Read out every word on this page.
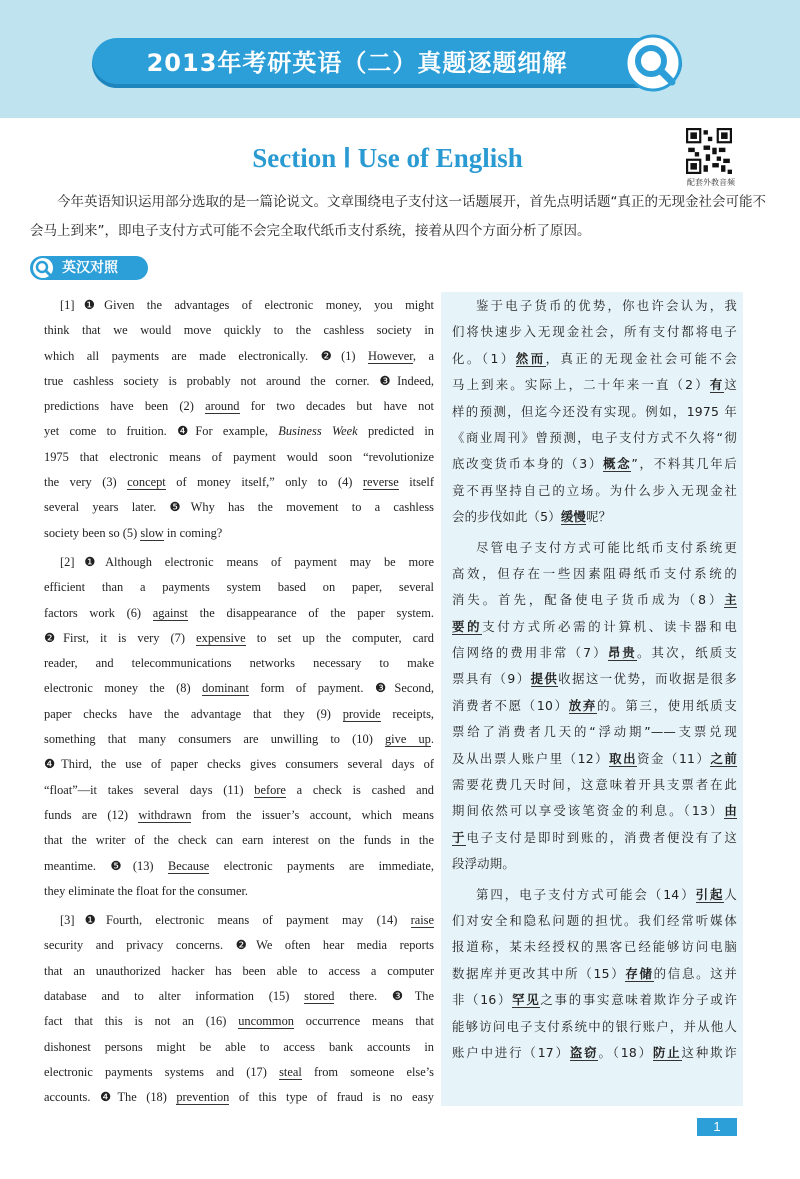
2013年考研英语（二）真题逐题细解
Section Ⅰ Use of English
配套外教音频
今年英语知识运用部分选取的是一篇论说文。文章围绕电子支付这一话题展开，首先点明话题“真正的无现金社会可能不会马上到来”，即电子支付方式可能不会完全取代纸币支付系统，接着从四个方面分析了原因。
英汉对照
[1]❶Given the advantages of electronic money, you might
think that we would move quickly to the cashless society in
which all payments are made electronically. ❷(1) However, a
true cashless society is probably not around the corner. ❸Indeed,
predictions have been (2) around for two decades but have not
yet come to fruition. ❹For example, Business Week predicted in
1975 that electronic means of payment would soon “revolutionize
the very (3) concept of money itself,” only to (4) reverse itself
several years later. ❺Why has the movement to a cashless
society been so (5) slow in coming?
[2]❶Although electronic means of payment may be more
efficient than a payments system based on paper, several
factors work (6) against the disappearance of the paper system.
❷First, it is very (7) expensive to set up the computer, card
reader, and telecommunications networks necessary to make
electronic money the (8) dominant form of payment. ❸Second,
paper checks have the advantage that they (9) provide receipts,
something that many consumers are unwilling to (10) give up.
❹Third, the use of paper checks gives consumers several days of
“float”—it takes several days (11) before a check is cashed and
funds are (12) withdrawn from the issuer’s account, which means
that the writer of the check can earn interest on the funds in the
meantime. ❺(13) Because electronic payments are immediate,
they eliminate the float for the consumer.
[3]❶Fourth, electronic means of payment may (14) raise
security and privacy concerns. ❷We often hear media reports
that an unauthorized hacker has been able to access a computer
database and to alter information (15) stored there. ❸The
fact that this is not an (16) uncommon occurrence means that
dishonest persons might be able to access bank accounts in
electronic payments systems and (17) steal from someone else’s
accounts. ❹The (18) prevention of this type of fraud is no easy
鉴于电子货币的优势，你也许会认为，我
们将快速步入无现金社会，所有支付都将电子
化。（1）然而，真正的无现金社会可能不会
马上到来。实际上，二十年来一直（2）有这
样的预测，但迄今还没有实现。例如，1975 年
《商业周刊》曾预测，电子支付方式不久将“彻
底改变货币本身的（3）概念”，不料其几年后
竟不再坚持自己的立场。为什么步入无现金社
会的步伐如此（5）缓慢呢？
尽管电子支付方式可能比纸币支付系统更
高效，但存在一些因素阻碍纸币支付系统的
消失。首先，配备使电子货币成为（8）主
要的支付方式所必需的计算机、读卡器和电
信网络的费用非常（7）昂贵。其次，纸质支
票具有（9）提供收据这一优势，而收据是很多
消费者不愿（10）放弃的。第三，使用纸质支
票给了消费者几天的“浮动期”——支票兑现
及从出票人账户里（12）取出资金（11）之前
需要花费几天时间，这意味着开具支票者在此
期间依然可以享受该笔资金的利息。（13）由
于电子支付是即时到账的，消费者便没有了这
段浮动期。
第四，电子支付方式可能会（14）引起人
们对安全和隐私问题的担忧。我们经常听媒体
报道称，某未经授权的黑客已经能够访问电脑
数据库并更改其中所（15）存储的信息。这并
非（16）罕见之事的事实意味着欺诈分子或许
能够访问电子支付系统中的银行账户，并从他人
账户中进行（17）盗窃。（18）防止这种欺诈
1
